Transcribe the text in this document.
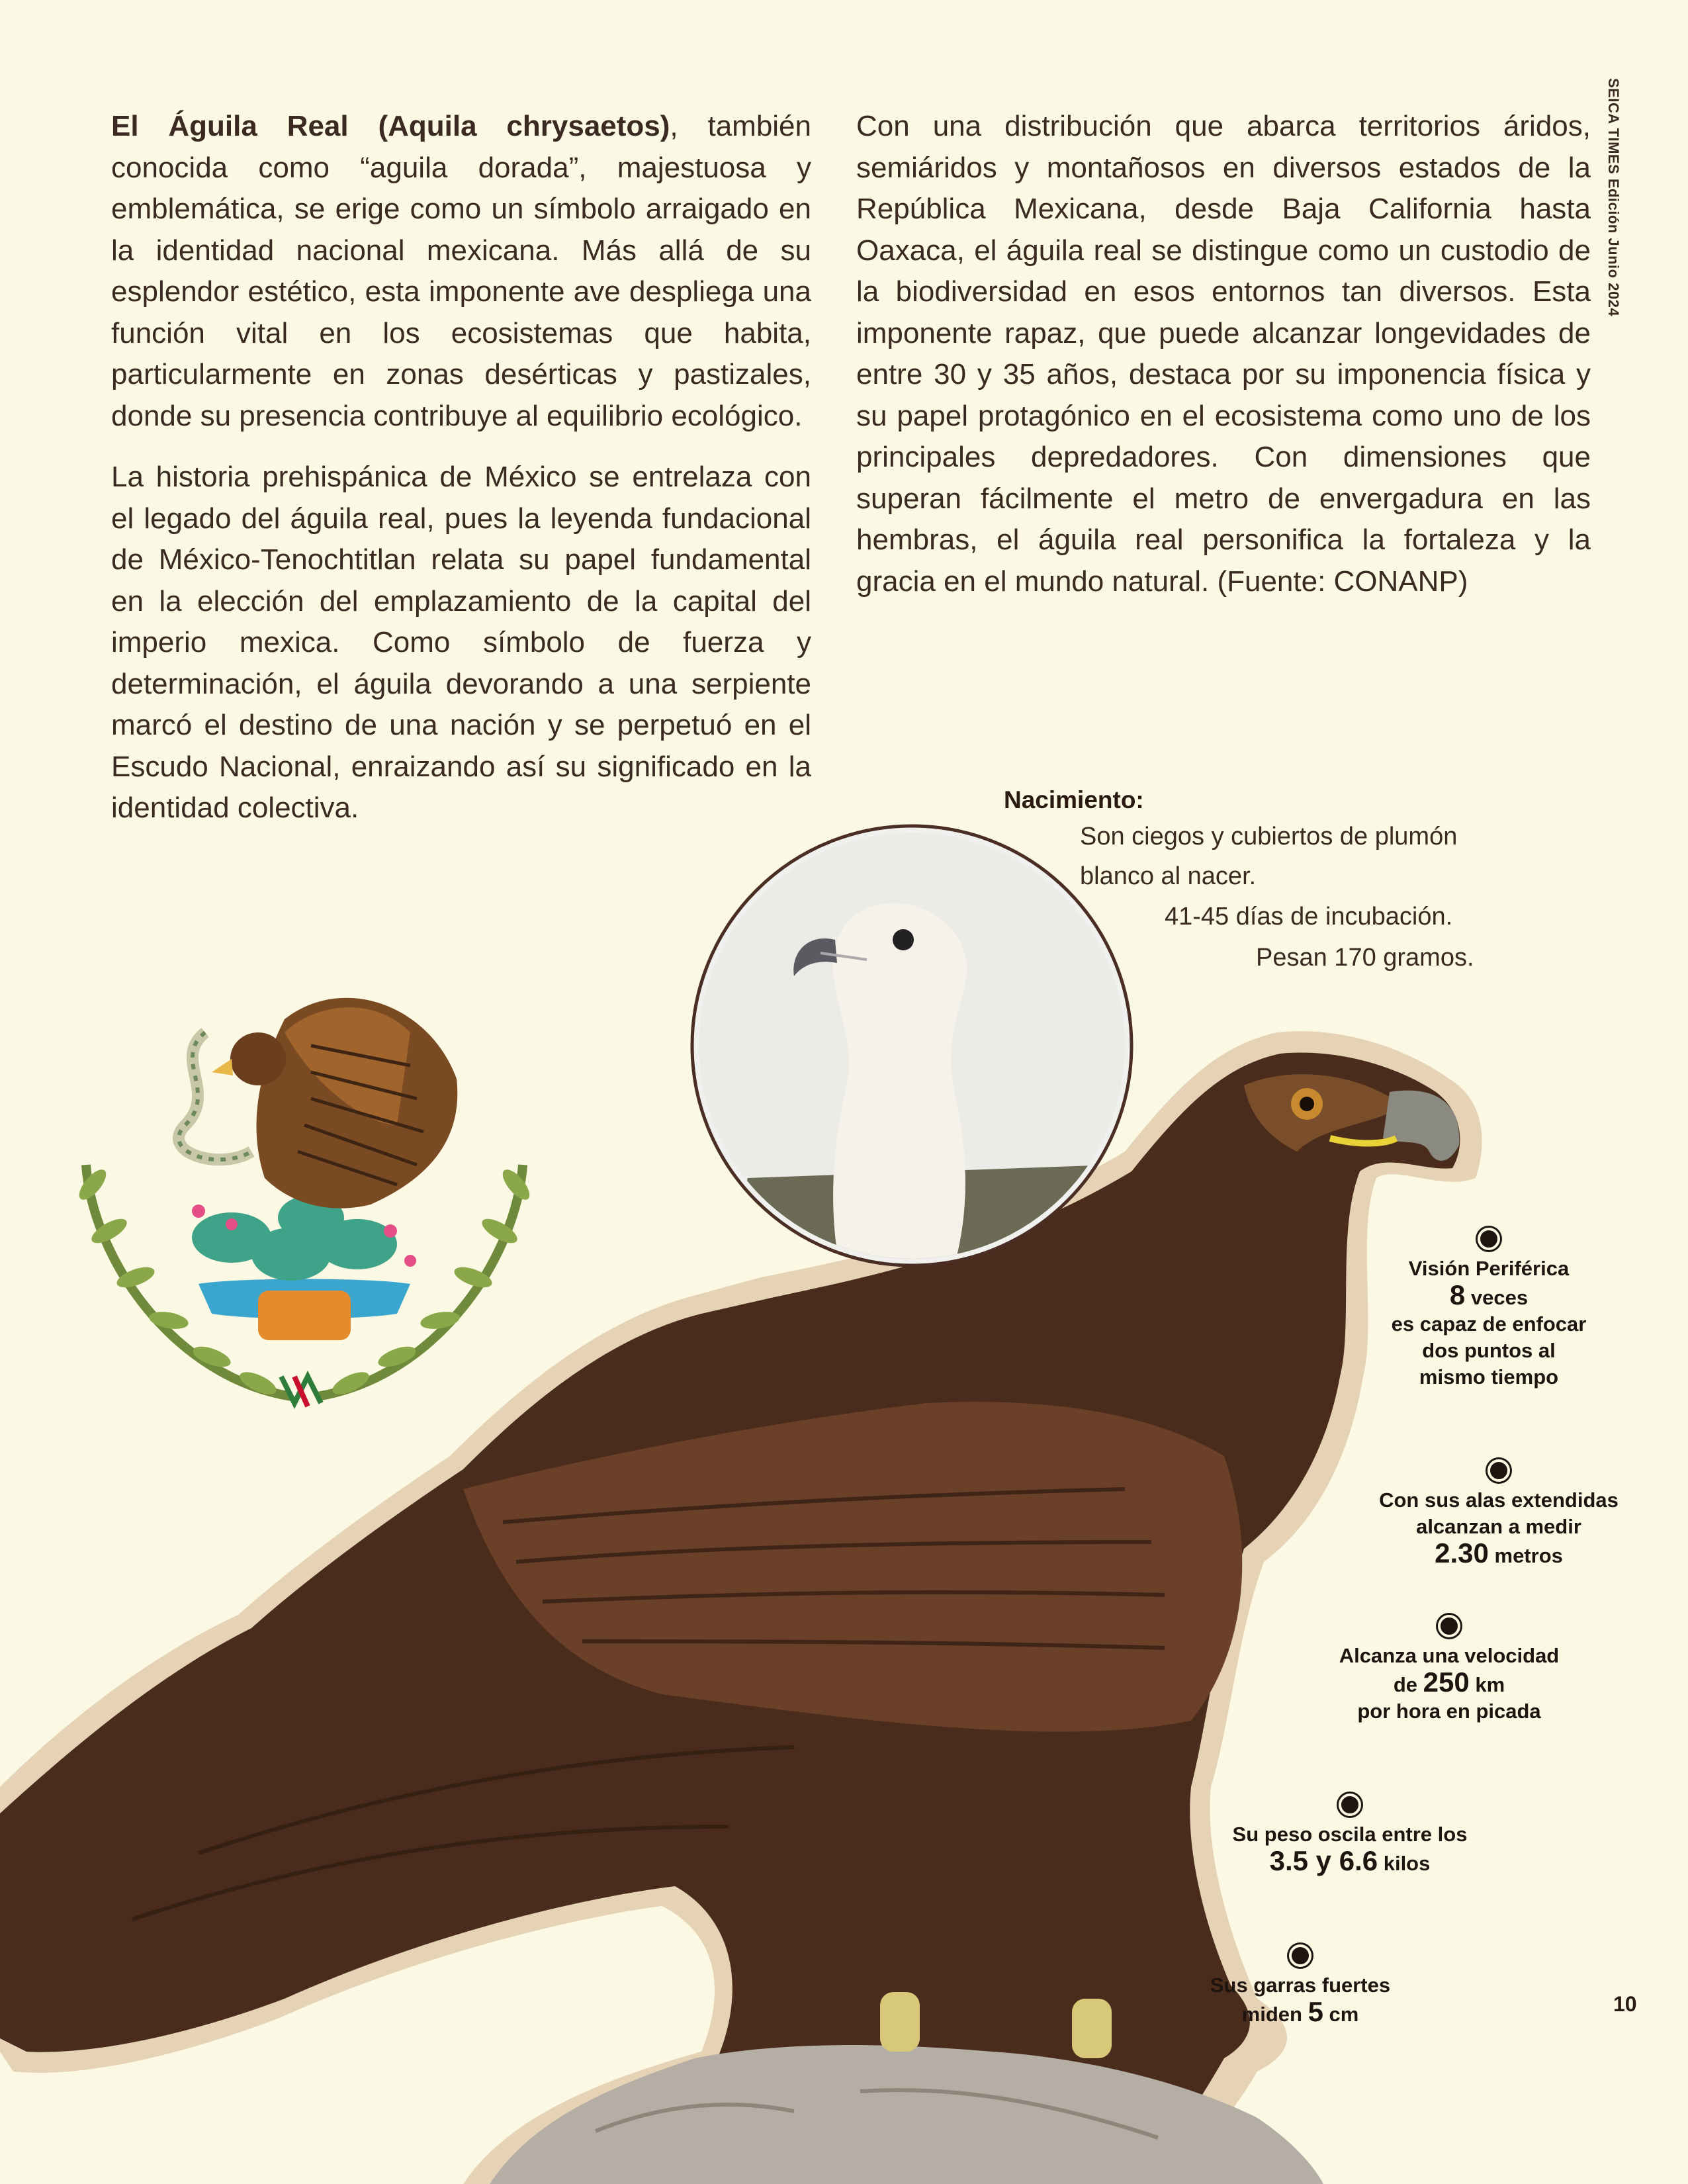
SEICA TIMES Edición Junio 2024

El Águila Real (Aquila chrysaetos), también conocida como “aguila dorada”, majestuosa y emblemática, se erige como un símbolo arraigado en la identidad nacional mexicana. Más allá de su esplendor estético, esta imponente ave despliega una función vital en los ecosistemas que habita, particularmente en zonas desérticas y pastizales, donde su presencia contribuye al equilibrio ecológico.

La historia prehispánica de México se entrelaza con el legado del águila real, pues la leyenda fundacional de México-Tenochtitlan relata su papel fundamental en la elección del emplazamiento de la capital del imperio mexica. Como símbolo de fuerza y determinación, el águila devorando a una serpiente marcó el destino de una nación y se perpetuó en el Escudo Nacional, enraizando así su significado en la identidad colectiva.

Con una distribución que abarca territorios áridos, semiáridos y montañosos en diversos estados de la República Mexicana, desde Baja California hasta Oaxaca, el águila real se distingue como un custodio de la biodiversidad en esos entornos tan diversos. Esta imponente rapaz, que puede alcanzar longevidades de entre 30 y 35 años, destaca por su imponencia física y su papel protagónico en el ecosistema como uno de los principales depredadores. Con dimensiones que superan fácilmente el metro de envergadura en las hembras, el águila real personifica la fortaleza y la gracia en el mundo natural. (Fuente: CONANP)

Nacimiento:
Son ciegos y cubiertos de plumón
blanco al nacer.
41-45 días de incubación.
Pesan 170 gramos.
Visión Periférica
8 veces
es capaz de enfocar
dos puntos al
mismo tiempo
Con sus alas extendidas
alcanzan a medir
2.30 metros
Alcanza una velocidad
de 250 km
por hora en picada
Su peso oscila entre los
3.5 y 6.6 kilos
Sus garras fuertes
miden 5 cm	10
